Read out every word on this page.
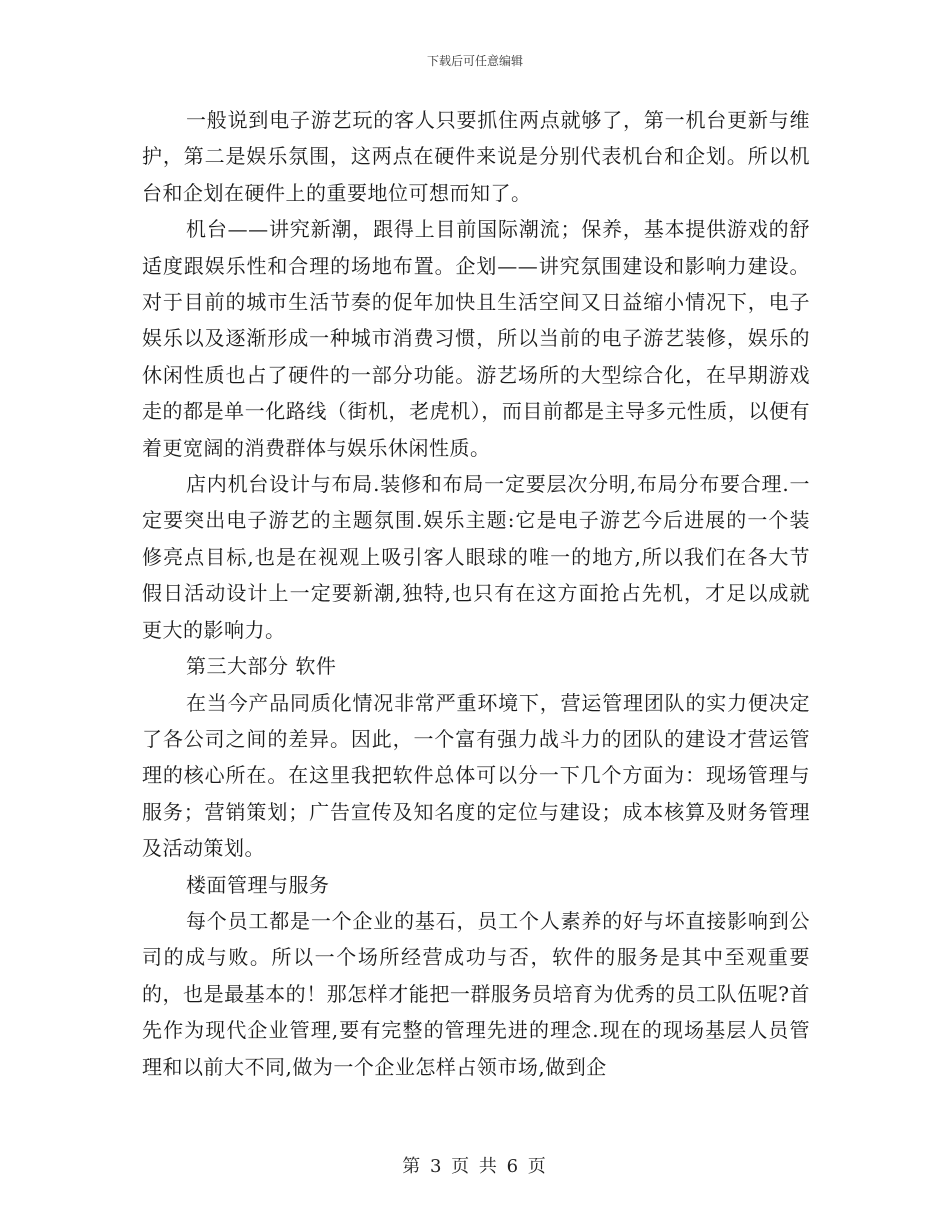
下载后可任意编辑

一般说到电子游艺玩的客人只要抓住两点就够了，第一机台更新与维护，第二是娱乐氛围，这两点在硬件来说是分别代表机台和企划。所以机台和企划在硬件上的重要地位可想而知了。

机台——讲究新潮，跟得上目前国际潮流；保养，基本提供游戏的舒适度跟娱乐性和合理的场地布置。企划——讲究氛围建设和影响力建设。对于目前的城市生活节奏的促年加快且生活空间又日益缩小情况下，电子娱乐以及逐渐形成一种城市消费习惯，所以当前的电子游艺装修，娱乐的休闲性质也占了硬件的一部分功能。游艺场所的大型综合化，在早期游戏走的都是单一化路线（街机，老虎机），而目前都是主导多元性质，以便有着更宽阔的消费群体与娱乐休闲性质。

店内机台设计与布局.装修和布局一定要层次分明,布局分布要合理.一定要突出电子游艺的主题氛围.娱乐主题:它是电子游艺今后进展的一个装修亮点目标,也是在视观上吸引客人眼球的唯一的地方,所以我们在各大节假日活动设计上一定要新潮,独特,也只有在这方面抢占先机，才足以成就更大的影响力。

第三大部分 软件

在当今产品同质化情况非常严重环境下，营运管理团队的实力便决定了各公司之间的差异。因此，一个富有强力战斗力的团队的建设才营运管理的核心所在。在这里我把软件总体可以分一下几个方面为：现场管理与服务；营销策划；广告宣传及知名度的定位与建设；成本核算及财务管理及活动策划。

楼面管理与服务

每个员工都是一个企业的基石，员工个人素养的好与坏直接影响到公司的成与败。所以一个场所经营成功与否，软件的服务是其中至观重要的，也是最基本的！那怎样才能把一群服务员培育为优秀的员工队伍呢?首先作为现代企业管理,要有完整的管理先进的理念.现在的现场基层人员管理和以前大不同,做为一个企业怎样占领市场,做到企

第 3 页 共 6 页
